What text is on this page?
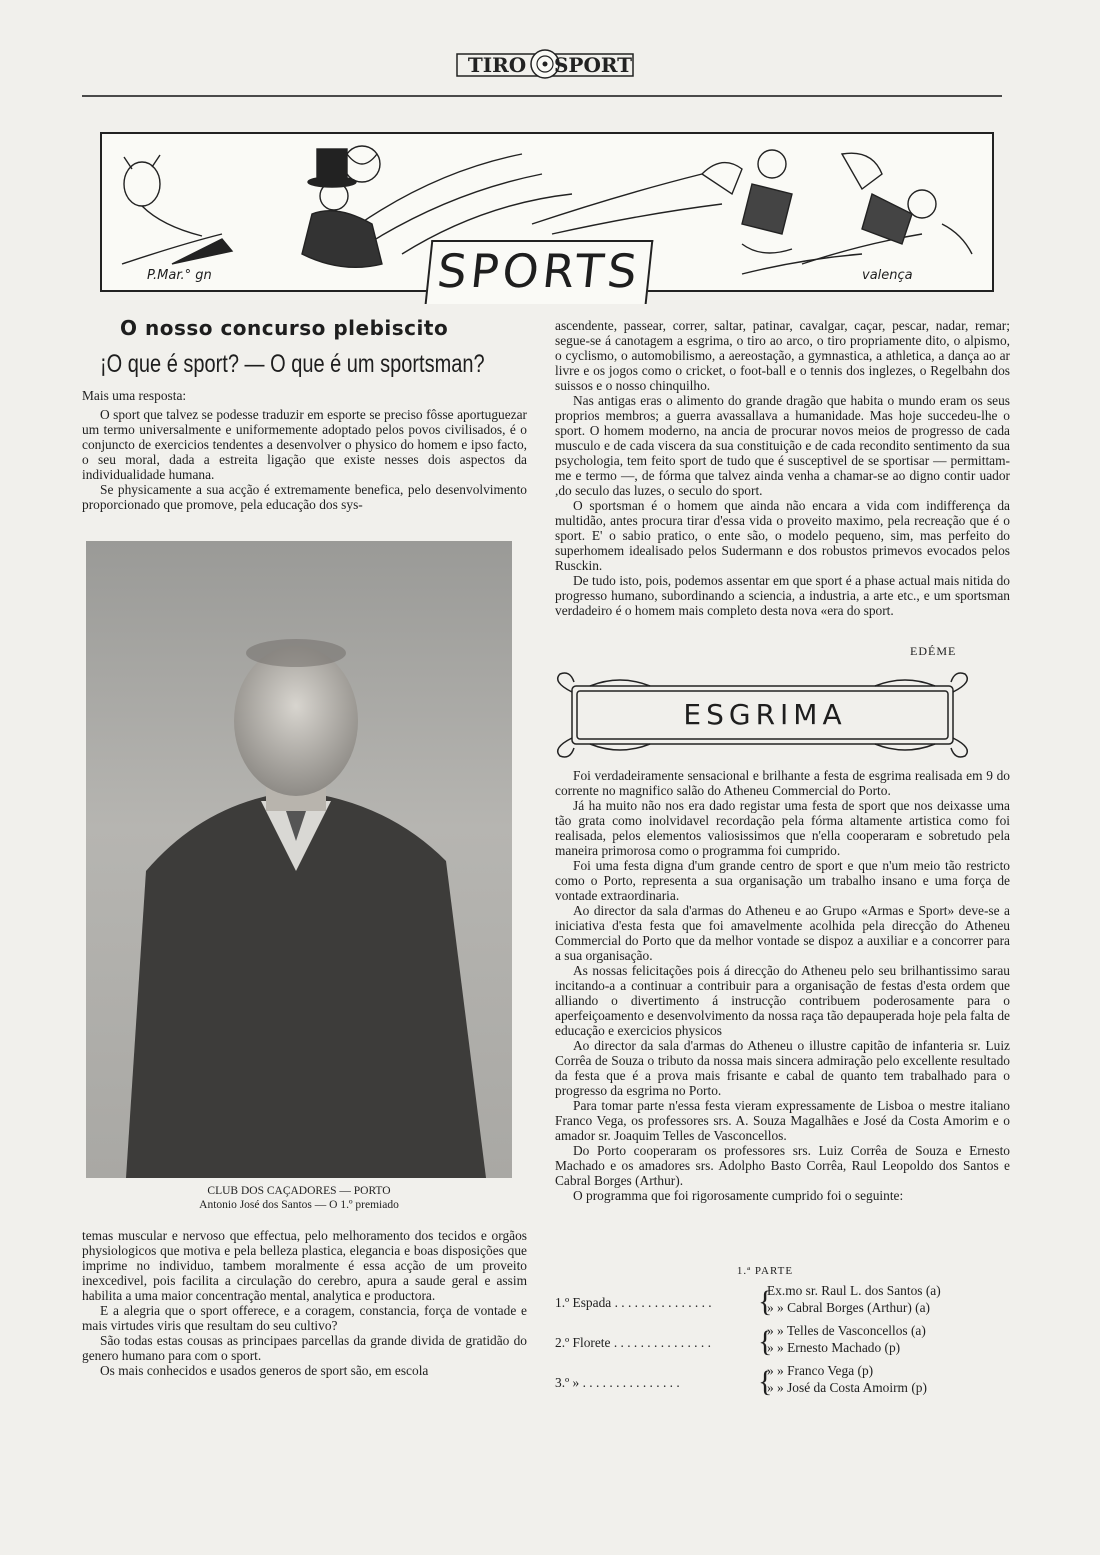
TIRO SPORT
P.Mar.° gn	valença
SPORTS
O nosso concurso plebiscito
¡O que é sport? — O que é um sportsman?

Mais uma resposta:

O sport que talvez se podesse traduzir em esporte se preciso fôsse aportuguezar um termo universalmente e uniformemente adoptado pelos povos civilisados, é o conjuncto de exercicios tendentes a desenvolver o physico do homem e ipso facto, o seu moral, dada a estreita ligação que existe nesses dois aspectos da individualidade humana.

Se physicamente a sua acção é extremamente benefica, pelo desenvolvimento proporcionado que promove, pela educação dos sys-

CLUB DOS CAÇADORES — PORTO
Antonio José dos Santos — O 1.º premiado

temas muscular e nervoso que effectua, pelo melhoramento dos tecidos e orgãos physiologicos que motiva e pela belleza plastica, elegancia e boas disposições que imprime no individuo, tambem moralmente é essa acção de um proveito inexcedivel, pois facilita a circulação do cerebro, apura a saude geral e assim habilita a uma maior concentração mental, analytica e productora.

E a alegria que o sport offerece, e a coragem, constancia, força de vontade e mais virtudes viris que resultam do seu cultivo?

São todas estas cousas as principaes parcellas da grande divida de gratidão do genero humano para com o sport.

Os mais conhecidos e usados generos de sport são, em escola

ascendente, passear, correr, saltar, patinar, cavalgar, caçar, pescar, nadar, remar; segue-se á canotagem a esgrima, o tiro ao arco, o tiro propriamente dito, o alpismo, o cyclismo, o automobilismo, a aereostação, a gymnastica, a athletica, a dança ao ar livre e os jogos como o cricket, o foot-ball e o tennis dos inglezes, o Regelbahn dos suissos e o nosso chinquilho.

Nas antigas eras o alimento do grande dragão que habita o mundo eram os seus proprios membros; a guerra avassallava a humanidade. Mas hoje succedeu-lhe o sport. O homem moderno, na ancia de procurar novos meios de progresso de cada musculo e de cada viscera da sua constituição e de cada recondito sentimento da sua psychologia, tem feito sport de tudo que é susceptivel de se sportisar — permittam-me e termo —, de fórma que talvez ainda venha a chamar-se ao digno contir uador ,do seculo das luzes, o seculo do sport.

O sportsman é o homem que ainda não encara a vida com indifferença da multidão, antes procura tirar d'essa vida o proveito maximo, pela recreação que é o sport. E' o sabio pratico, o ente são, o modelo pequeno, sim, mas perfeito do superhomem idealisado pelos Sudermann e dos robustos primevos evocados pelos Rusckin.

De tudo isto, pois, podemos assentar em que sport é a phase actual mais nitida do progresso humano, subordinando a sciencia, a industria, a arte etc., e um sportsman verdadeiro é o homem mais completo desta nova «era do sport.

EDÉME
ESGRIMA

Foi verdadeiramente sensacional e brilhante a festa de esgrima realisada em 9 do corrente no magnifico salão do Atheneu Commercial do Porto.

Já ha muito não nos era dado registar uma festa de sport que nos deixasse uma tão grata como inolvidavel recordação pela fórma altamente artistica como foi realisada, pelos elementos valiosissimos que n'ella cooperaram e sobretudo pela maneira primorosa como o programma foi cumprido.

Foi uma festa digna d'um grande centro de sport e que n'um meio tão restricto como o Porto, representa a sua organisação um trabalho insano e uma força de vontade extraordinaria.

Ao director da sala d'armas do Atheneu e ao Grupo «Armas e Sport» deve-se a iniciativa d'esta festa que foi amavelmente acolhida pela direcção do Atheneu Commercial do Porto que da melhor vontade se dispoz a auxiliar e a concorrer para a sua organisação.

As nossas felicitações pois á direcção do Atheneu pelo seu brilhantissimo sarau incitando-a a continuar a contribuir para a organisação de festas d'esta ordem que alliando o divertimento á instrucção contribuem poderosamente para o aperfeiçoamento e desenvolvimento da nossa raça tão depauperada hoje pela falta de educação e exercicios physicos

Ao director da sala d'armas do Atheneu o illustre capitão de infanteria sr. Luiz Corrêa de Souza o tributo da nossa mais sincera admiração pelo excellente resultado da festa que é a prova mais frisante e cabal de quanto tem trabalhado para o progresso da esgrima no Porto.

Para tomar parte n'essa festa vieram expressamente de Lisboa o mestre italiano Franco Vega, os professores srs. A. Souza Magalhães e José da Costa Amorim e o amador sr. Joaquim Telles de Vasconcellos.

Do Porto cooperaram os professores srs. Luiz Corrêa de Souza e Ernesto Machado e os amadores srs. Adolpho Basto Corrêa, Raul Leopoldo dos Santos e Cabral Borges (Arthur).

O programma que foi rigorosamente cumprido foi o seguinte:

1.ª PARTE
1.º Espada . . . . . . . . . . . . . . . {
Ex.mo sr. Raul L. dos Santos (a)
» » Cabral Borges (Arthur) (a)
2.º Florete . . . . . . . . . . . . . . . {
» » Telles de Vasconcellos (a)
» » Ernesto Machado (p)
3.º » . . . . . . . . . . . . . . .	{
» » Franco Vega (p)
» » José da Costa Amoirm (p)
